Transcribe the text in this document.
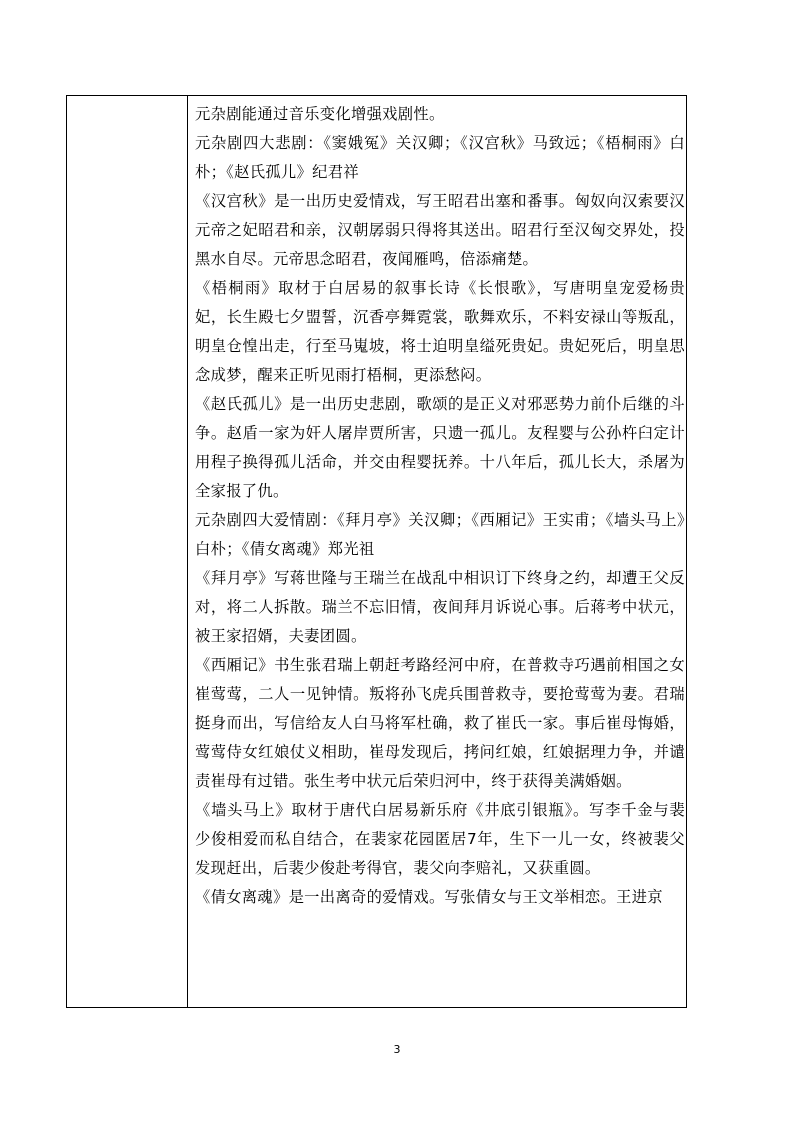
元杂剧能通过音乐变化增强戏剧性。

元杂剧四大悲剧：《窦娥冤》关汉卿；《汉宫秋》马致远；《梧桐雨》白朴；《赵氏孤儿》纪君祥

《汉宫秋》是一出历史爱情戏，写王昭君出塞和番事。匈奴向汉索要汉元帝之妃昭君和亲，汉朝孱弱只得将其送出。昭君行至汉匈交界处，投黑水自尽。元帝思念昭君，夜闻雁鸣，倍添痛楚。

《梧桐雨》取材于白居易的叙事长诗《长恨歌》，写唐明皇宠爱杨贵妃，长生殿七夕盟誓，沉香亭舞霓裳，歌舞欢乐，不料安禄山等叛乱，明皇仓惶出走，行至马嵬坡，将士迫明皇缢死贵妃。贵妃死后，明皇思念成梦，醒来正听见雨打梧桐，更添愁闷。

《赵氏孤儿》是一出历史悲剧，歌颂的是正义对邪恶势力前仆后继的斗争。赵盾一家为奸人屠岸贾所害，只遗一孤儿。友程婴与公孙杵臼定计用程子换得孤儿活命，并交由程婴抚养。十八年后，孤儿长大，杀屠为全家报了仇。

元杂剧四大爱情剧：《拜月亭》关汉卿；《西厢记》王实甫；《墙头马上》白朴；《倩女离魂》郑光祖

《拜月亭》写蒋世隆与王瑞兰在战乱中相识订下终身之约，却遭王父反对，将二人拆散。瑞兰不忘旧情，夜间拜月诉说心事。后蒋考中状元，被王家招婿，夫妻团圆。

《西厢记》书生张君瑞上朝赶考路经河中府，在普救寺巧遇前相国之女崔莺莺，二人一见钟情。叛将孙飞虎兵围普救寺，要抢莺莺为妻。君瑞挺身而出，写信给友人白马将军杜确，救了崔氏一家。事后崔母悔婚， 莺莺侍女红娘仗义相助，崔母发现后，拷问红娘，红娘据理力争，并谴责崔母有过错。张生考中状元后荣归河中，终于获得美满婚姻。

《墙头马上》取材于唐代白居易新乐府《井底引银瓶》。写李千金与裴少俊相爱而私自结合，在裴家花园匿居7年，生下一儿一女，终被裴父发现赶出，后裴少俊赴考得官，裴父向李赔礼，又获重圆。

《倩女离魂》是一出离奇的爱情戏。写张倩女与王文举相恋。王进京

3
